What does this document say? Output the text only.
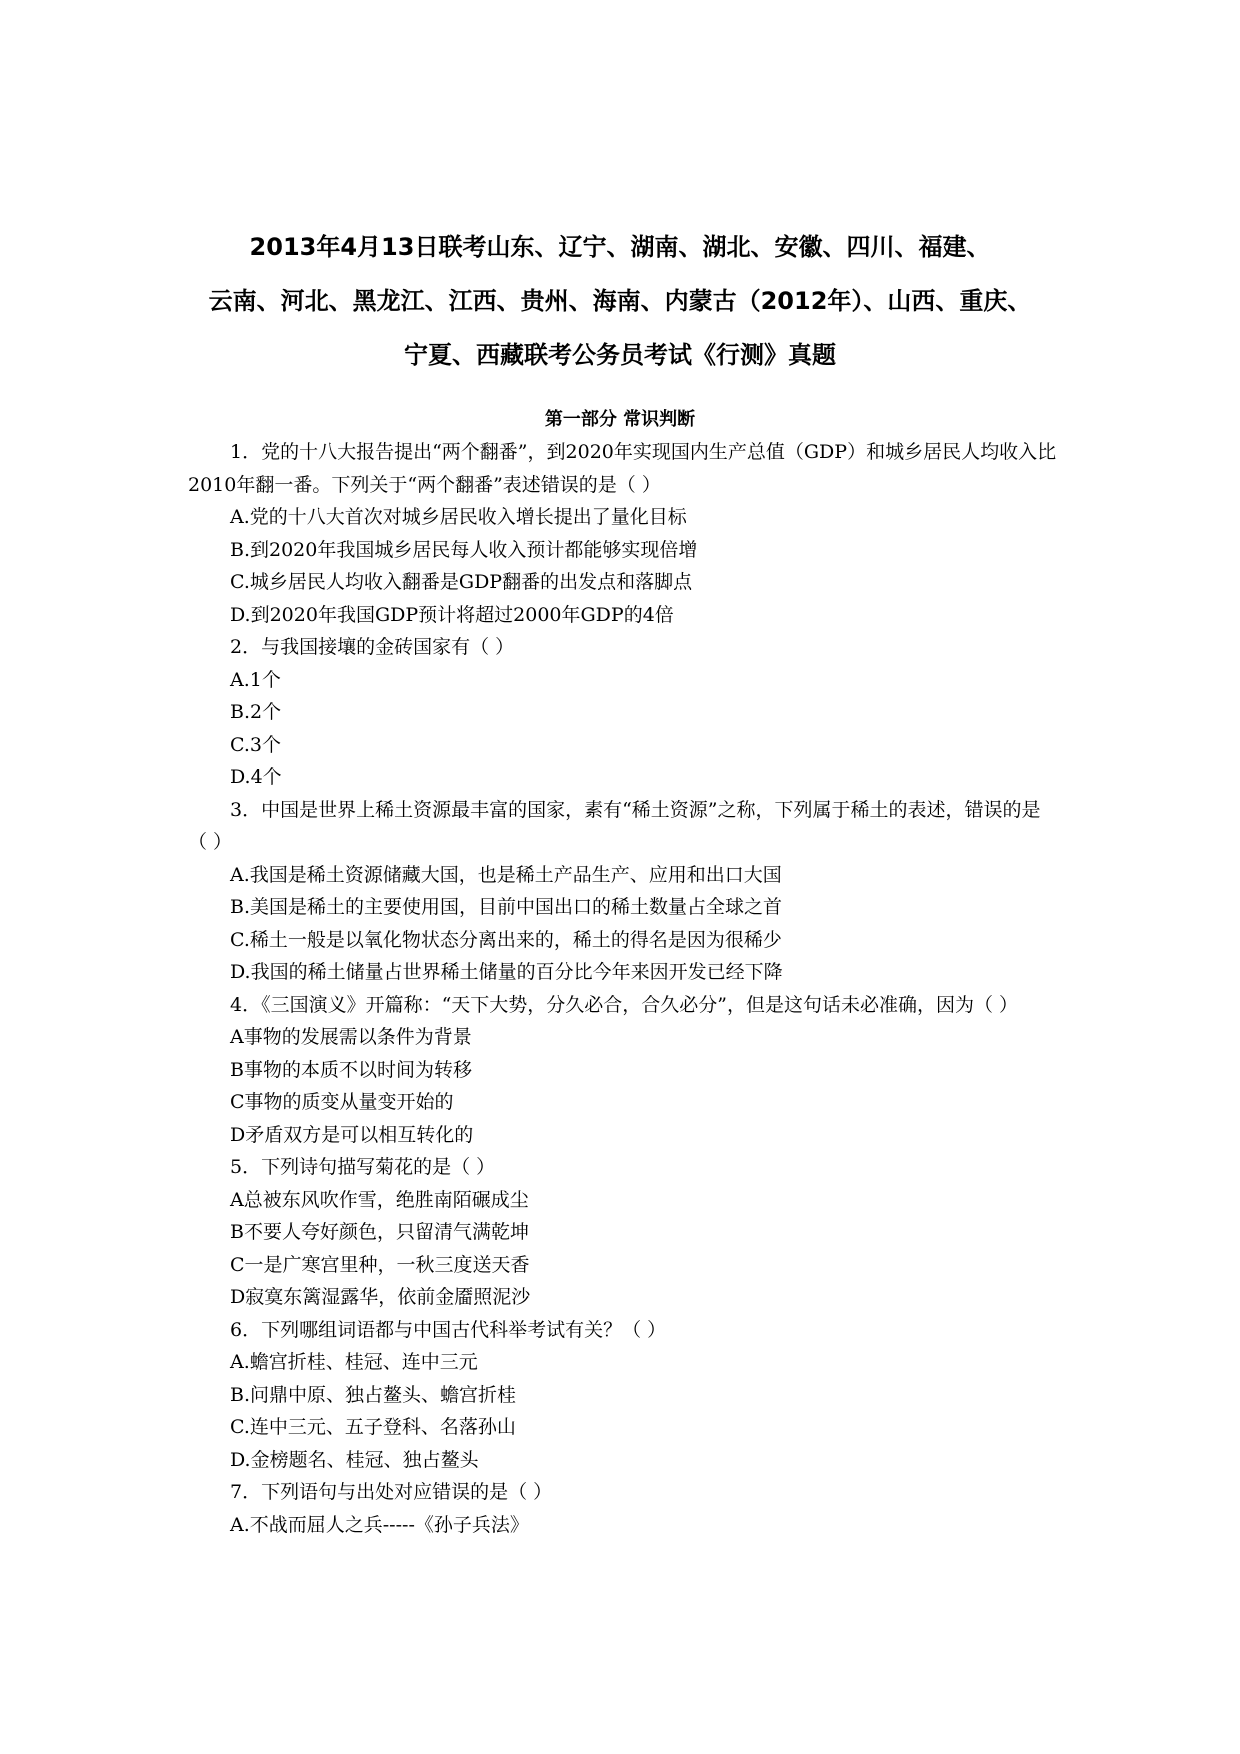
2013年4月13日联考山东、辽宁、湖南、湖北、安徽、四川、福建、
云南、河北、黑龙江、江西、贵州、海南、内蒙古（2012年）、山西、重庆、
宁夏、西藏联考公务员考试《行测》真题
第一部分 常识判断

1．党的十八大报告提出“两个翻番”，到2020年实现国内生产总值（GDP）和城乡居民人均收入比2010年翻一番。下列关于“两个翻番”表述错误的是（ ）

A.党的十八大首次对城乡居民收入增长提出了量化目标

B.到2020年我国城乡居民每人收入预计都能够实现倍增

C.城乡居民人均收入翻番是GDP翻番的出发点和落脚点

D.到2020年我国GDP预计将超过2000年GDP的4倍

2．与我国接壤的金砖国家有（ ）

A.1个

B.2个

C.3个

D.4个

3．中国是世界上稀土资源最丰富的国家，素有“稀土资源”之称，下列属于稀土的表述，错误的是（ ）

A.我国是稀土资源储藏大国，也是稀土产品生产、应用和出口大国

B.美国是稀土的主要使用国，目前中国出口的稀土数量占全球之首

C.稀土一般是以氧化物状态分离出来的，稀土的得名是因为很稀少

D.我国的稀土储量占世界稀土储量的百分比今年来因开发已经下降

4．《三国演义》开篇称：“天下大势，分久必合，合久必分”，但是这句话未必准确，因为（ ）

A事物的发展需以条件为背景

B事物的本质不以时间为转移

C事物的质变从量变开始的

D矛盾双方是可以相互转化的

5．下列诗句描写菊花的是（ ）

A总被东风吹作雪，绝胜南陌碾成尘

B不要人夸好颜色，只留清气满乾坤

C一是广寒宫里种，一秋三度送天香

D寂寞东篱湿露华，依前金靥照泥沙

6．下列哪组词语都与中国古代科举考试有关？（ ）

A.蟾宫折桂、桂冠、连中三元

B.问鼎中原、独占鳌头、蟾宫折桂

C.连中三元、五子登科、名落孙山

D.金榜题名、桂冠、独占鳌头

7．下列语句与出处对应错误的是（ ）

A.不战而屈人之兵-----《孙子兵法》
